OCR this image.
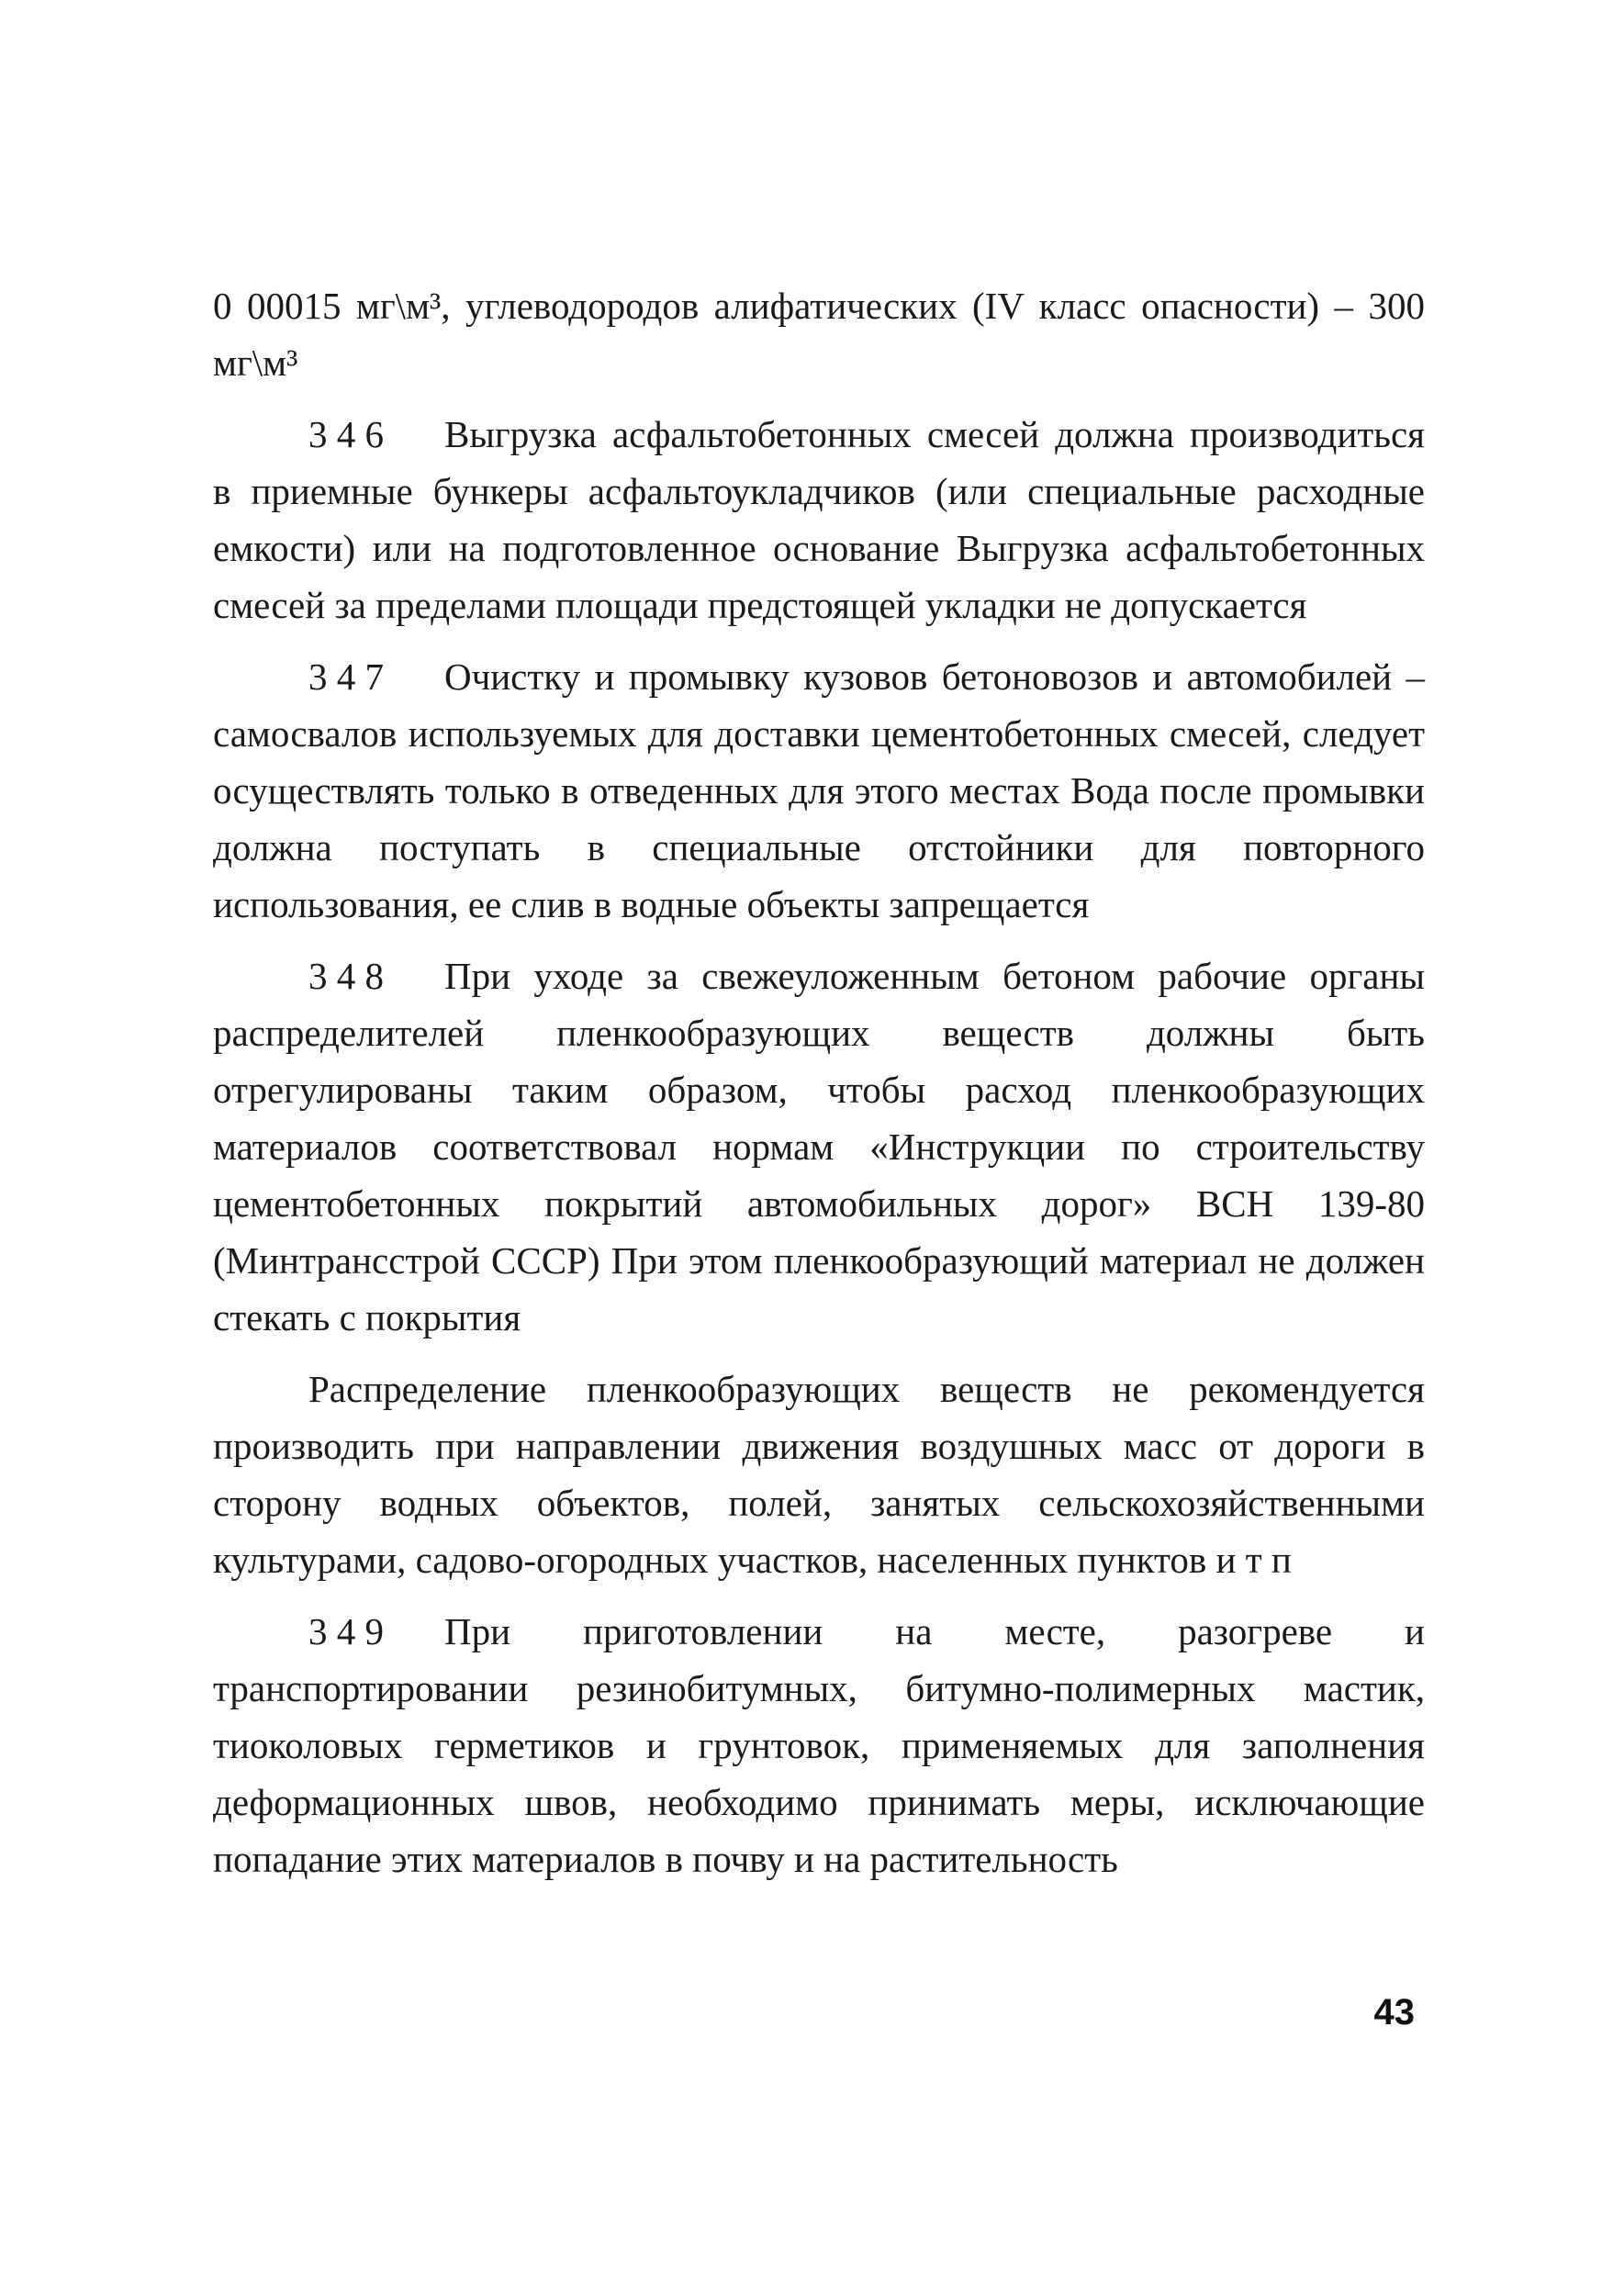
0 00015 мг\м³, углеводородов алифатических (IV класс опасности) – 300 мг\м³

3 4 6 Выгрузка асфальтобетонных смесей должна производиться в приемные бункеры асфальтоукладчиков (или специальные расходные емкости) или на подготовленное основание Выгрузка асфальтобетонных смесей за пределами площади предстоящей укладки не допускается

3 4 7 Очистку и промывку кузовов бетоновозов и автомобилей – самосвалов используемых для доставки цементобетонных смесей, следует осуществлять только в отведенных для этого местах Вода после промывки должна поступать в специальные отстойники для повторного использования, ее слив в водные объекты запрещается

3 4 8 При уходе за свежеуложенным бетоном рабочие органы распределителей пленкообразующих веществ должны быть отрегулированы таким образом, чтобы расход пленкообразующих материалов соответствовал нормам «Инструкции по строительству цементобетонных покрытий автомобильных дорог» ВСН 139-80 (Минтрансстрой СССР) При этом пленкообразующий материал не должен стекать с покрытия

Распределение пленкообразующих веществ не рекомендуется производить при направлении движения воздушных масс от дороги в сторону водных объектов, полей, занятых сельскохозяйственными культурами, садово-огородных участков, населенных пунктов и т п

3 4 9 При приготовлении на месте, разогреве и транспортировании резинобитумных, битумно-полимерных мастик, тиоколовых герметиков и грунтовок, применяемых для заполнения деформационных швов, необходимо принимать меры, исключающие попадание этих материалов в почву и на растительность

43
